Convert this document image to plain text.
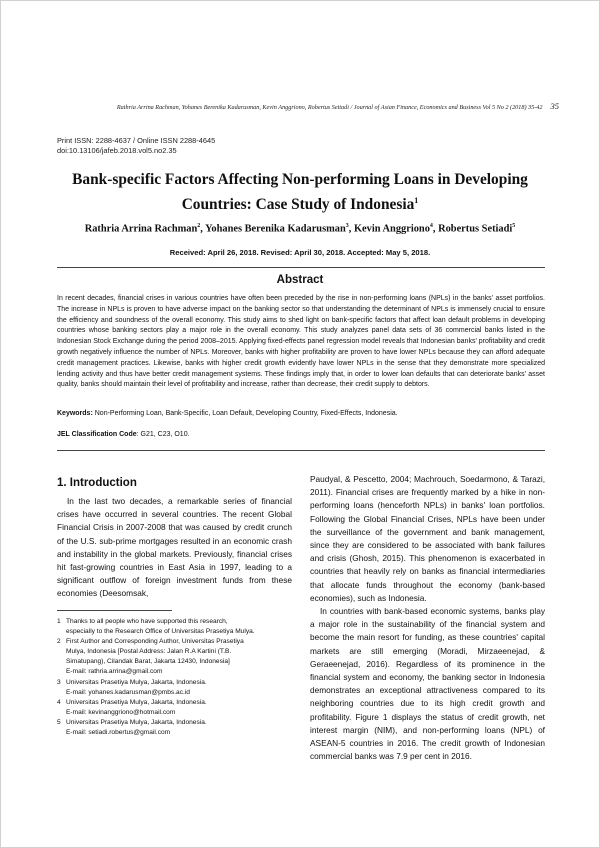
Rathria Arrina Rachman, Yohanes Berenika Kadarusman, Kevin Anggriono, Robertus Setiadi / Journal of Asian Finance, Economics and Business Vol 5 No 2 (2018) 35-42 35
Print ISSN: 2288-4637 / Online ISSN 2288-4645
doi:10.13106/jafeb.2018.vol5.no2.35
Bank-specific Factors Affecting Non-performing Loans in Developing
Countries: Case Study of Indonesia$^1$
Rathria Arrina Rachman$^2$, Yohanes Berenika Kadarusman$^3$, Kevin Anggriono$^4$, Robertus Setiadi$^5$
Received: April 26, 2018. Revised: April 30, 2018. Accepted: May 5, 2018.
Abstract

In recent decades, financial crises in various countries have often been preceded by the rise in non-performing loans (NPLs) in the banks' asset portfolios. The increase in NPLs is proven to have adverse impact on the banking sector so that understanding the determinant of NPLs is immensely crucial to ensure the efficiency and soundness of the overall economy. This study aims to shed light on bank-specific factors that affect loan default problems in developing countries whose banking sectors play a major role in the overall economy. This study analyzes panel data sets of 36 commercial banks listed in the Indonesian Stock Exchange during the period 2008–2015. Applying fixed-effects panel regression model reveals that Indonesian banks' profitability and credit growth negatively influence the number of NPLs. Moreover, banks with higher profitability are proven to have lower NPLs because they can afford adequate credit management practices. Likewise, banks with higher credit growth evidently have lower NPLs in the sense that they demonstrate more specialized lending activity and thus have better credit management systems. These findings imply that, in order to lower loan defaults that can deteriorate banks' asset quality, banks should maintain their level of profitability and increase, rather than decrease, their credit supply to debtors.

Keywords: Non-Performing Loan, Bank-Specific, Loan Default, Developing Country, Fixed-Effects, Indonesia.

JEL Classification Code: G21, C23, O10.

1. Introduction

In the last two decades, a remarkable series of financial crises have occurred in several countries. The recent Global Financial Crisis in 2007-2008 that was caused by credit crunch of the U.S. sub-prime mortgages resulted in an economic crash and instability in the global markets. Previously, financial crises hit fast-growing countries in East Asia in 1997, leading to a significant outflow of foreign investment funds from these economies (Deesomsak,

Paudyal, & Pescetto, 2004; Machrouch, Soedarmono, & Tarazi, 2011). Financial crises are frequently marked by a hike in non-performing loans (henceforth NPLs) in banks' loan portfolios. Following the Global Financial Crises, NPLs have been under the surveillance of the government and bank management, since they are considered to be associated with bank failures and crisis (Ghosh, 2015). This phenomenon is exacerbated in countries that heavily rely on banks as financial intermediaries that allocate funds throughout the economy (bank-based economies), such as Indonesia.

In countries with bank-based economic systems, banks play a major role in the sustainability of the financial system and become the main resort for funding, as these countries' capital markets are still emerging (Moradi, Mirzaeenejad, & Geraeenejad, 2016). Regardless of its prominence in the financial system and economy, the banking sector in Indonesia demonstrates an exceptional attractiveness compared to its neighboring countries due to its high credit growth and profitability. Figure 1 displays the status of credit growth, net interest margin (NIM), and non-performing loans (NPL) of ASEAN-5 countries in 2016. The credit growth of Indonesian commercial banks was 7.9 per cent in 2016.

1 Thanks to all people who have supported this research,
especially to the Research Office of Universitas Prasetiya Mulya.
2 First Author and Corresponding Author, Universitas Prasetiya
Mulya, Indonesia [Postal Address: Jalan R.A Kartini (T.B.
Simatupang), Cilandak Barat, Jakarta 12430, Indonesia]
E-mail: rathria.arrina@gmail.com
3 Universitas Prasetiya Mulya, Jakarta, Indonesia.
E-mail: yohanes.kadarusman@pmbs.ac.id
4 Universitas Prasetiya Mulya, Jakarta, Indonesia.
E-mail: kevinanggriono@hotmail.com
5 Universitas Prasetiya Mulya, Jakarta, Indonesia.
E-mail: setiadi.robertus@gmail.com
